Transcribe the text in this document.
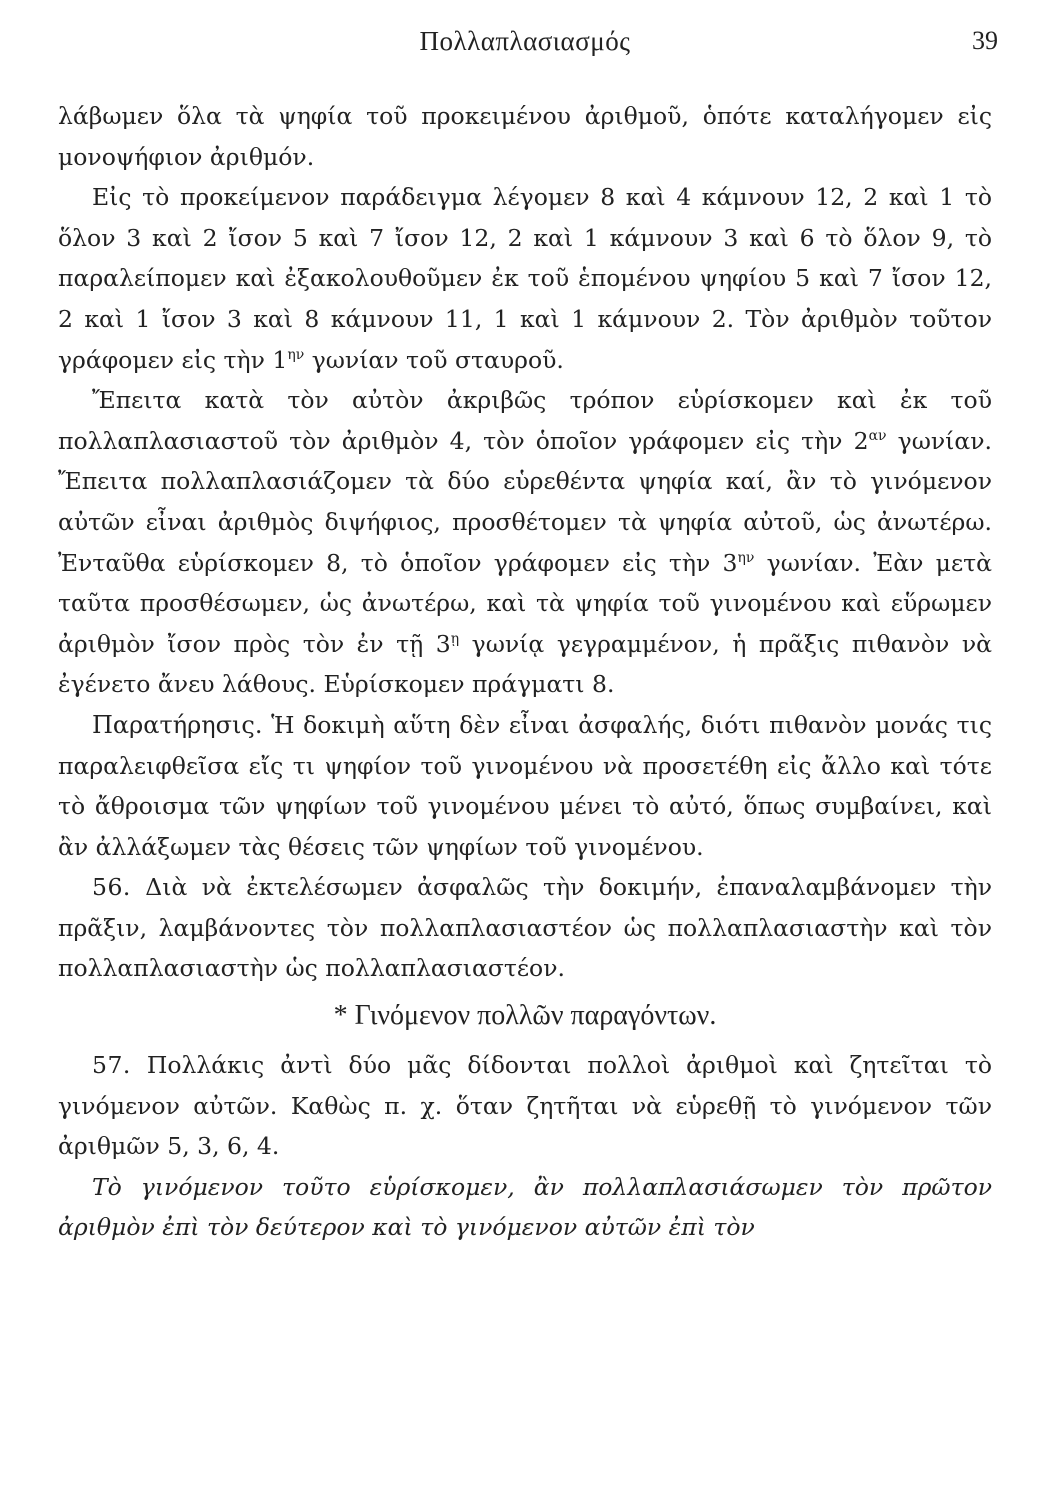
Πολλαπλασιασμός	39

λάβωμεν ὅλα τὰ ψηφία τοῦ προκειμένου ἀριθμοῦ, ὁπότε καταλήγομεν εἰς μονοψήφιον ἀριθμόν.

Εἰς τὸ προκείμενον παράδειγμα λέγομεν 8 καὶ 4 κάμνουν 12, 2 καὶ 1 τὸ ὅλον 3 καὶ 2 ἴσον 5 καὶ 7 ἴσον 12, 2 καὶ 1 κάμνουν 3 καὶ 6 τὸ ὅλον 9, τὸ παραλείπομεν καὶ ἐξακολουθοῦμεν ἐκ τοῦ ἑπομένου ψηφίου 5 καὶ 7 ἴσον 12, 2 καὶ 1 ἴσον 3 καὶ 8 κάμνουν 11, 1 καὶ 1 κάμνουν 2. Τὸν ἀριθμὸν τοῦτον γράφομεν εἰς τὴν $1^{\eta\nu}$ γωνίαν τοῦ σταυροῦ.

Ἔπειτα κατὰ τὸν αὐτὸν ἀκριβῶς τρόπον εὑρίσκομεν καὶ ἐκ τοῦ πολλαπλασιαστοῦ τὸν ἀριθμὸν 4, τὸν ὁποῖον γράφομεν εἰς τὴν $2^{\alpha\nu}$ γωνίαν. Ἔπειτα πολλαπλασιάζομεν τὰ δύο εὑρεθέντα ψηφία καί, ἂν τὸ γινόμενον αὐτῶν εἶναι ἀριθμὸς διψήφιος, προσθέτομεν τὰ ψηφία αὐτοῦ, ὡς ἀνωτέρω. Ἐνταῦθα εὑρίσκομεν 8, τὸ ὁποῖον γράφομεν εἰς τὴν $3^{\eta\nu}$ γωνίαν. Ἐὰν μετὰ ταῦτα προσθέσωμεν, ὡς ἀνωτέρω, καὶ τὰ ψηφία τοῦ γινομένου καὶ εὕρωμεν ἀριθμὸν ἴσον πρὸς τὸν ἐν τῇ $3^ῃ$ γωνίᾳ γεγραμμένον, ἡ πρᾶξις πιθανὸν νὰ ἐγένετο ἄνευ λάθους. Εὑρίσκομεν πράγματι 8.

Παρατήρησις. Ἡ δοκιμὴ αὕτη δὲν εἶναι ἀσφαλής, διότι πιθανὸν μονάς τις παραλειφθεῖσα εἴς τι ψηφίον τοῦ γινομένου νὰ προσετέθη εἰς ἄλλο καὶ τότε τὸ ἄθροισμα τῶν ψηφίων τοῦ γινομένου μένει τὸ αὐτό, ὅπως συμβαίνει, καὶ ἂν ἀλλάξωμεν τὰς θέσεις τῶν ψηφίων τοῦ γινομένου.

56. Διὰ νὰ ἐκτελέσωμεν ἀσφαλῶς τὴν δοκιμήν, ἐπαναλαμβάνομεν τὴν πρᾶξιν, λαμβάνοντες τὸν πολλαπλασιαστέον ὡς πολλαπλασιαστὴν καὶ τὸν πολλαπλασιαστὴν ὡς πολλαπλασιαστέον.

* Γινόμενον πολλῶν παραγόντων.

57. Πολλάκις ἀντὶ δύο μᾶς δίδονται πολλοὶ ἀριθμοὶ καὶ ζητεῖται τὸ γινόμενον αὐτῶν. Καθὼς π. χ. ὅταν ζητῆται νὰ εὑρεθῇ τὸ γινόμενον τῶν ἀριθμῶν 5, 3, 6, 4.

Τὸ γινόμενον τοῦτο εὑρίσκομεν, ἂν πολλαπλασιάσωμεν τὸν πρῶτον ἀριθμὸν ἐπὶ τὸν δεύτερον καὶ τὸ γινόμενον αὐτῶν ἐπὶ τὸν
